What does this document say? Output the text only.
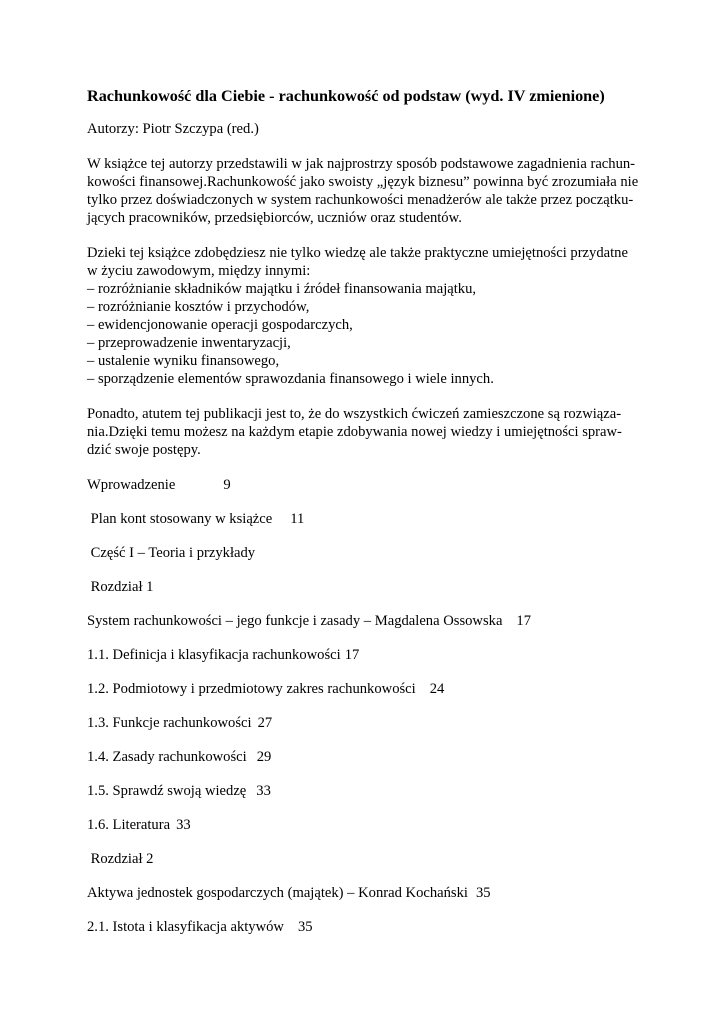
Rachunkowość dla Ciebie - rachunkowość od podstaw (wyd. IV zmienione)

Autorzy: Piotr Szczypa (red.)

W książce tej autorzy przedstawili w jak najprostrzy sposób podstawowe zagadnienia rachun-
kowości finansowej.Rachunkowość jako swoisty „język biznesu” powinna być zrozumiała nie
tylko przez doświadczonych w system rachunkowości menadżerów ale także przez początku-
jących pracowników, przedsiębiorców, uczniów oraz studentów.

Dzieki tej książce zdobędziesz nie tylko wiedzę ale także praktyczne umiejętności przydatne
w życiu zawodowym, między innymi:
– rozróżnianie składników majątku i źródeł finansowania majątku,
– rozróżnianie kosztów i przychodów,
– ewidencjonowanie operacji gospodarczych,
– przeprowadzenie inwentaryzacji,
– ustalenie wyniku finansowego,
– sporządzenie elementów sprawozdania finansowego i wiele innych.

Ponadto, atutem tej publikacji jest to, że do wszystkich ćwiczeń zamieszczone są rozwiąza-
nia.Dzięki temu możesz na każdym etapie zdobywania nowej wiedzy i umiejętności spraw-
dzić swoje postępy.

Wprowadzenie	9
Plan kont stosowany w książce 11
Część I – Teoria i przykłady
Rozdział 1
System rachunkowości – jego funkcje i zasady – Magdalena Ossowska 17
1.1. Definicja i klasyfikacja rachunkowości 17
1.2. Podmiotowy i przedmiotowy zakres rachunkowości 24
1.3. Funkcje rachunkowości 27
1.4. Zasady rachunkowości 29
1.5. Sprawdź swoją wiedzę 33
1.6. Literatura 33
Rozdział 2
Aktywa jednostek gospodarczych (majątek) – Konrad Kochański 35
2.1. Istota i klasyfikacja aktywów 35
